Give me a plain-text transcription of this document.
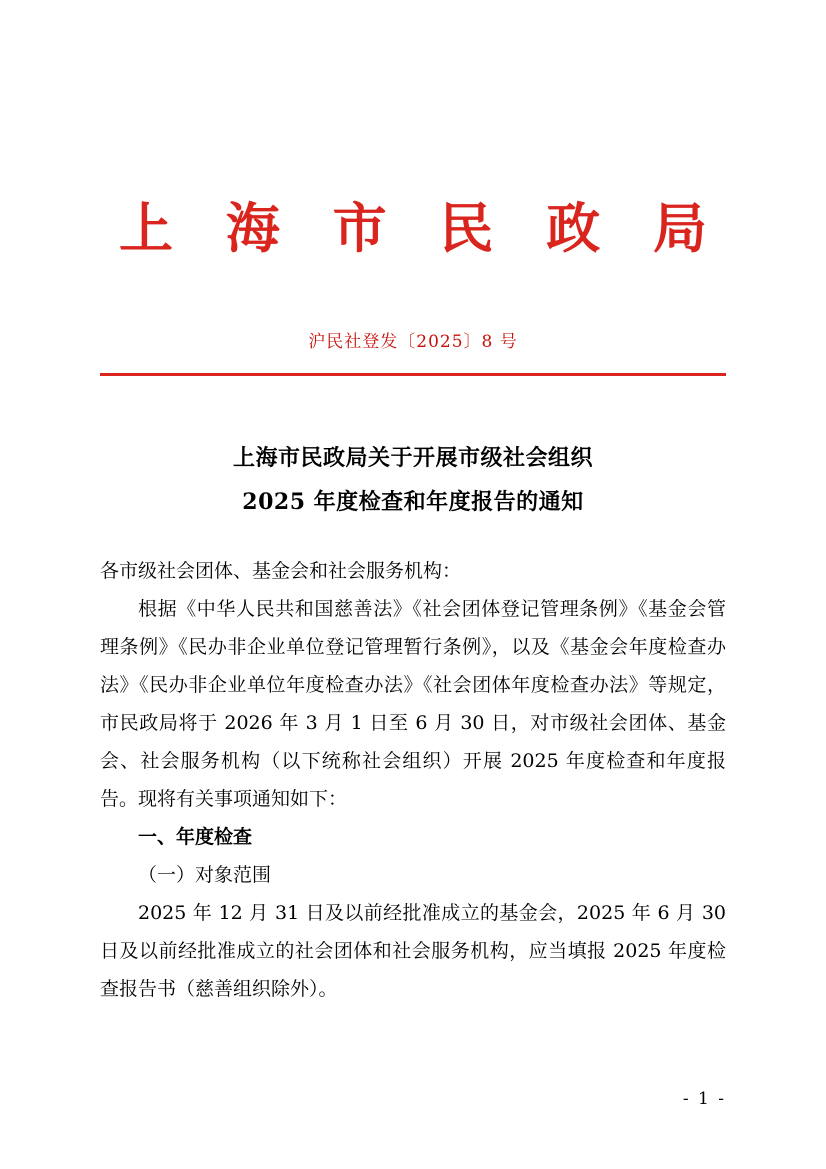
上 海 市 民 政 局
沪民社登发〔2025〕8 号
上海市民政局关于开展市级社会组织
2025 年度检查和年度报告的通知

各市级社会团体、基金会和社会服务机构：

根据《中华人民共和国慈善法》《社会团体登记管理条例》《基金会管理条例》《民办非企业单位登记管理暂行条例》，以及《基金会年度检查办法》《民办非企业单位年度检查办法》《社会团体年度检查办法》等规定，市民政局将于 2026 年 3 月 1 日至 6 月 30 日，对市级社会团体、基金会、社会服务机构（以下统称社会组织）开展 2025 年度检查和年度报告。现将有关事项通知如下：

一、年度检查

（一）对象范围

2025 年 12 月 31 日及以前经批准成立的基金会，2025 年 6 月 30 日及以前经批准成立的社会团体和社会服务机构，应当填报 2025 年度检查报告书（慈善组织除外）。

- 1 -
